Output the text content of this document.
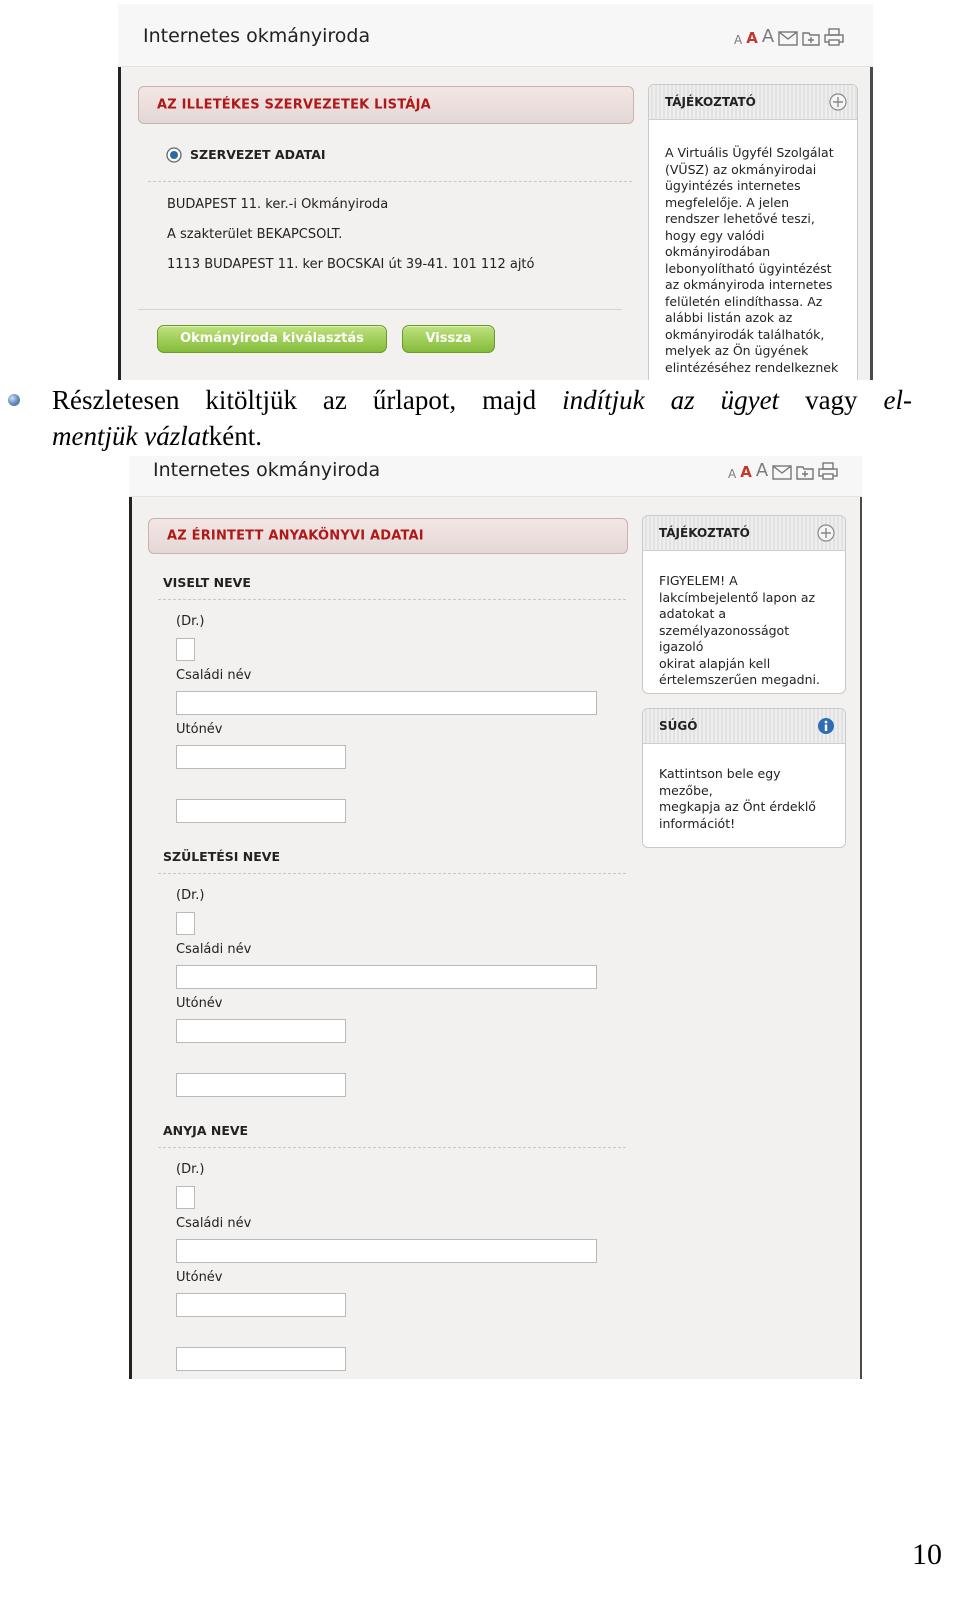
Internetes okmányiroda	A A A
AZ ILLETÉKES SZERVEZETEK LISTÁJA
SZERVEZET ADATAI
BUDAPEST 11. ker.-i Okmányiroda
A szakterület BEKAPCSOLT.
1113 BUDAPEST 11. ker BOCSKAI út 39-41. 101 112 ajtó
Okmányiroda kiválasztás	Vissza
TÁJÉKOZTATÓ
A Virtuális Ügyfél Szolgálat
(VÜSZ) az okmányirodai
ügyintézés internetes
megfelelője. A jelen
rendszer lehetővé teszi,
hogy egy valódi
okmányirodában
lebonyolítható ügyintézést
az okmányiroda internetes
felületén elindíthassa. Az
alábbi listán azok az
okmányirodák találhatók,
melyek az Ön ügyének
elintézéséhez rendelkeznek
Részletesen kitöltjük az űrlapot, majd indítjuk az ügyet vagy el-
mentjük vázlatként.
Internetes okmányiroda	A A A
AZ ÉRINTETT ANYAKÖNYVI ADATAI
VISELT NEVE
(Dr.)
Családi név
Utónév
SZÜLETÉSI NEVE
(Dr.)
Családi név
Utónév
ANYJA NEVE
(Dr.)
Családi név
Utónév
TÁJÉKOZTATÓ
FIGYELEM! A
lakcímbejelentő lapon az
adatokat a
személyazonosságot igazoló
okirat alapján kell
értelemszerűen megadni.
SÚGÓ
Kattintson bele egy mezőbe,
megkapja az Önt érdeklő
információt!
10
